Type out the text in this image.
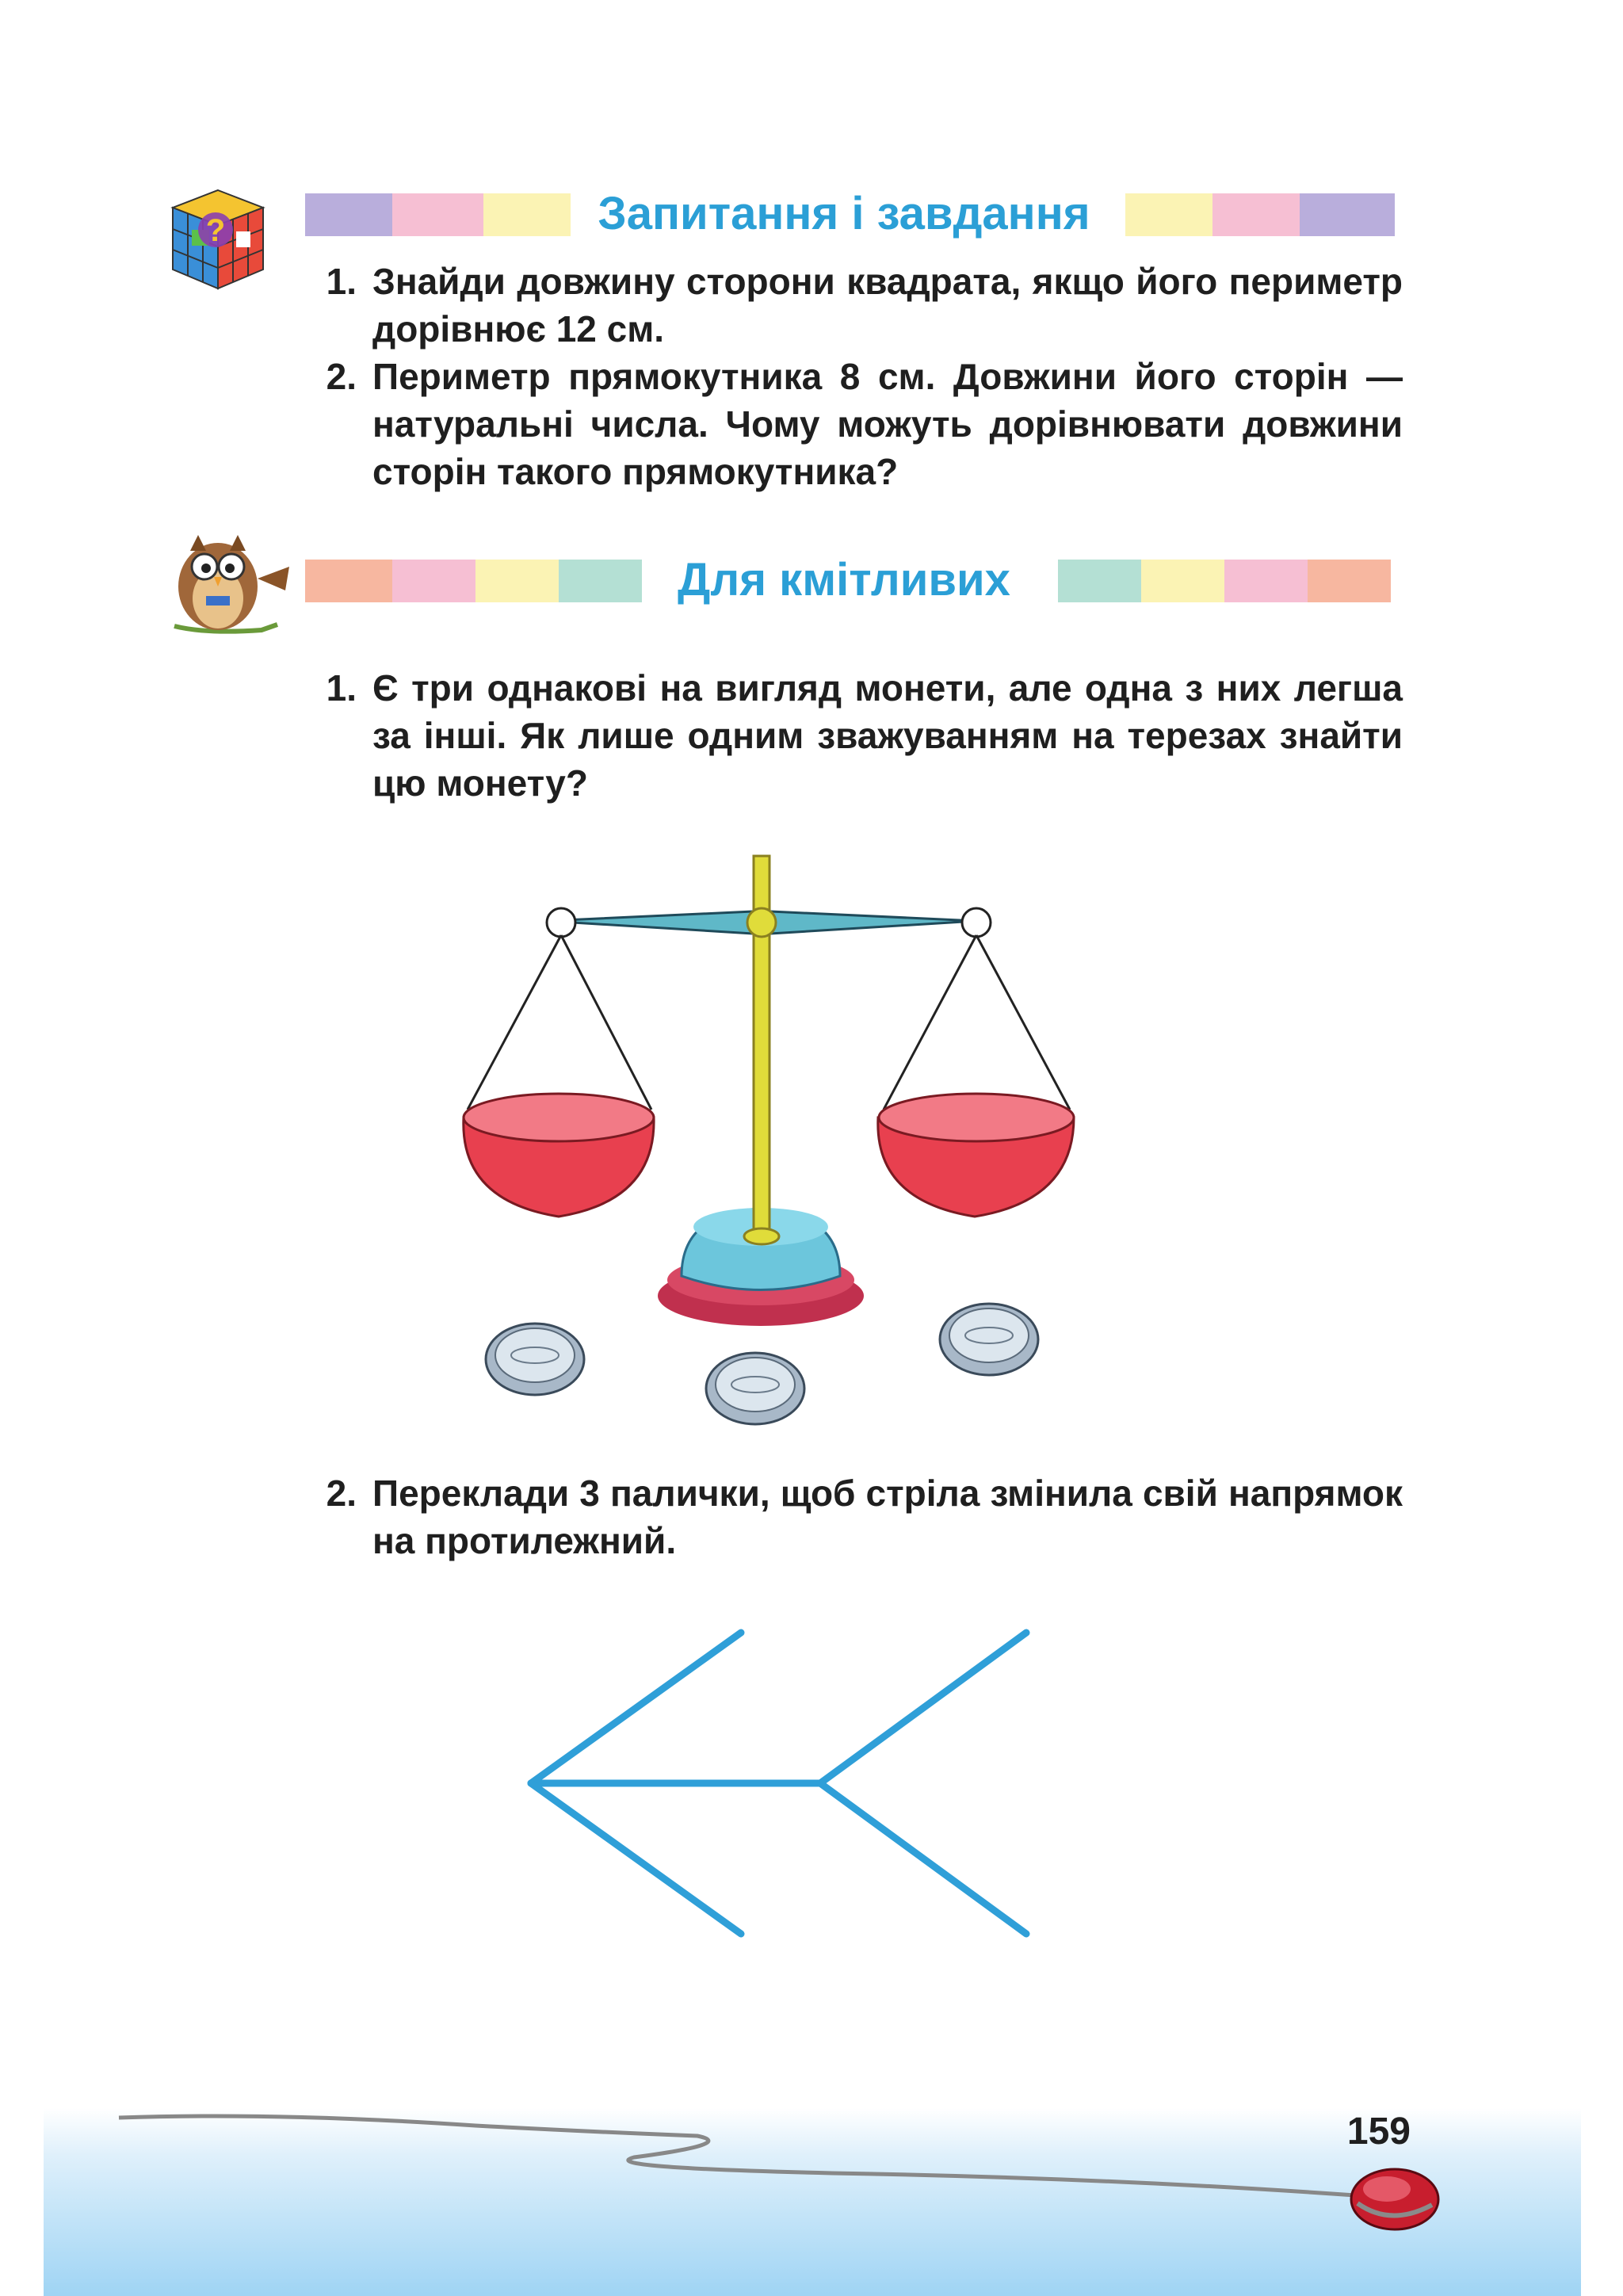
?	Запитання і завдання
1. Знайди довжину сторони квадрата, якщо його периметр дорівнює 12 см.
2. Периметр прямокутника 8 см. Довжини його сторін — натуральні числа. Чому можуть дорівнювати довжини сторін такого прямокутника?
Для кмітливих
1. Є три однакові на вигляд монети, але одна з них легша за інші. Як лише одним зважуванням на терезах знайти цю монету?
2. Переклади 3 палички, щоб стріла змінила свій напрямок на протилежний.
159
